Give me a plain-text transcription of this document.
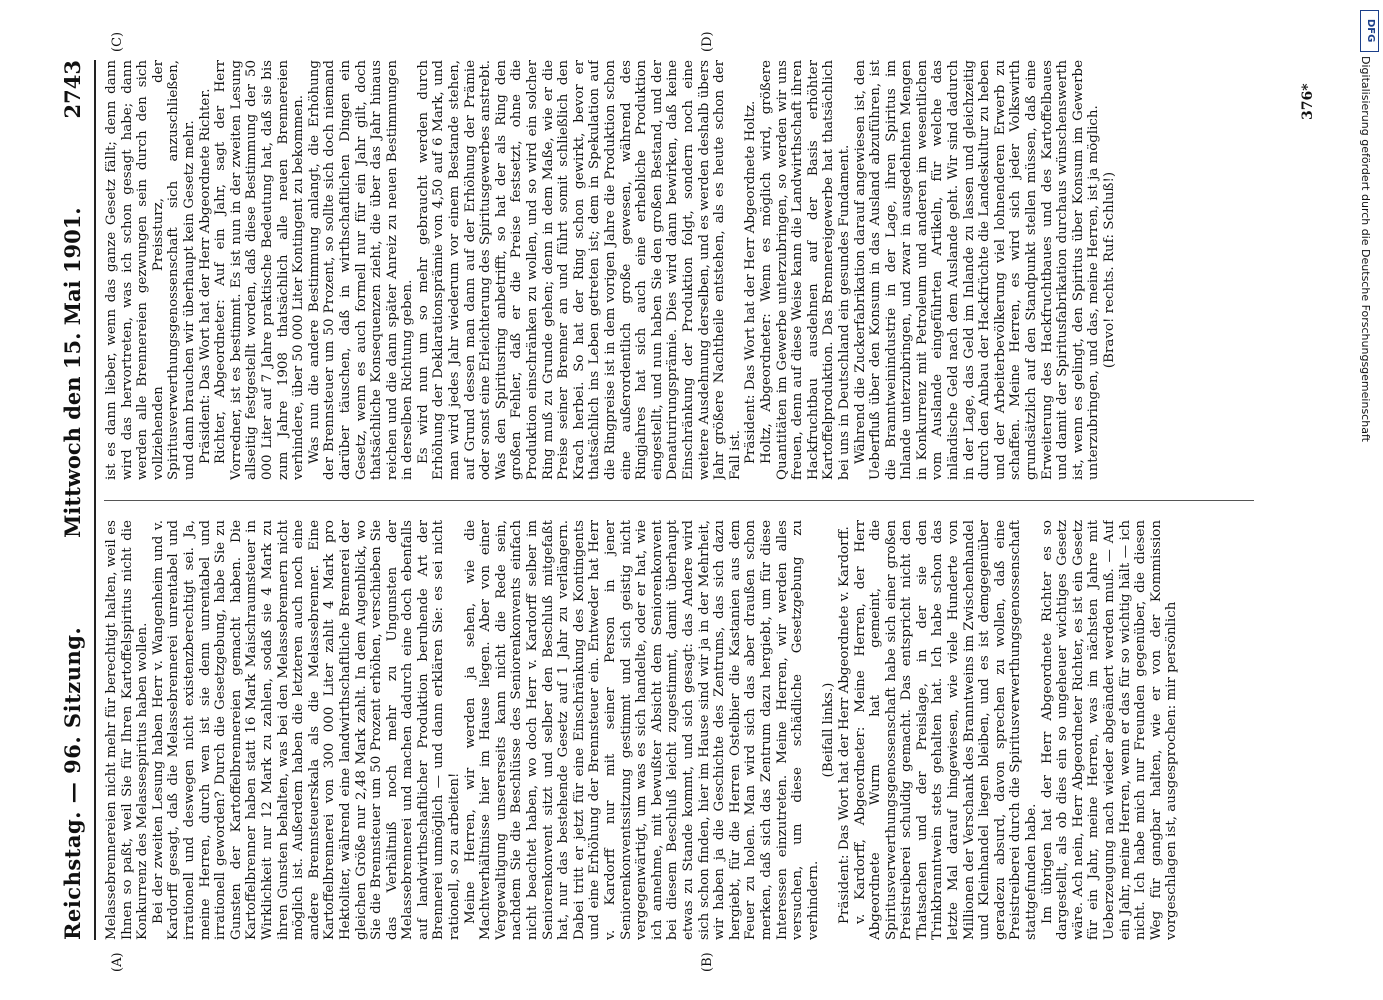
Reichstag. — 96. Sitzung.
Mittwoch den 15. Mai 1901.
2743

Melassebrennereien nicht mehr für berechtigt halten, weil es Ihnen so paßt, weil Sie für Ihren Kartoffelspiritus nicht die Konkurrenz des Melassespiritus haben wollen. Bei der zweiten Lesung haben Herr v. Wangenheim und v. Kardorff gesagt, daß die Melassebrennerei unrentabel und irrationell und deswegen nicht existenzberechtigt sei. Ja, meine Herren, durch wen ist sie denn unrentabel und irrationell geworden? Durch die Gesetzgebung, habe Sie zu Gunsten der Kartoffelbrennereien gemacht haben. Die Kartoffelbrenner haben statt 16 Mark Maischraumsteuer in Wirklichkeit nur 12 Mark zu zahlen, sodaß sie 4 Mark zu ihren Gunsten behalten, was bei den Melassebrennern nicht möglich ist. Außerdem haben die letzteren auch noch eine andere Brennsteuerskala als die Melassebrenner. Eine Kartoffelbrennerei von 300 000 Liter zahlt 4 Mark pro Hektoliter, während eine landwirthschaftliche Brennerei der gleichen Größe nur 2,48 Mark zahlt. In dem Augenblick, wo Sie die Brennsteuer um 50 Prozent erhöhen, verschieben Sie das Verhältniß noch mehr zu Ungunsten der Melassebrennerei und machen dadurch eine doch ebenfalls auf landwirthschaftlicher Produktion beruhende Art der Brennerei unmöglich — und dann erklären Sie: es sei nicht rationell, so zu arbeiten! Meine Herren, wir werden ja sehen, wie die Machtverhältnisse hier im Hause liegen. Aber von einer Vergewaltigung unsererseits kann nicht die Rede sein, nachdem Sie die Beschlüsse des Seniorenkonvents einfach nicht beachtet haben, wo doch Herr v. Kardorff selber im Seniorenkonvent sitzt und selber den Beschluß mitgefaßt hat, nur das bestehende Gesetz auf 1 Jahr zu verlängern. Dabei tritt er jetzt für eine Einschränkung des Kontingents und eine Erhöhung der Brennsteuer ein. Entweder hat Herr v. Kardorff nur mit seiner Person in jener Seniorenkonventssitzung gestimmt und sich geistig nicht vergegenwärtigt, um was es sich handelte, oder er hat, wie ich annehme, mit bewußter Absicht dem Seniorenkonvent bei diesem Beschluß leicht zugestimmt, damit überhaupt etwas zu Stande kommt, und sich gesagt: das Andere wird sich schon finden, hier im Hause sind wir ja in der Mehrheit, wir haben ja die Geschichte des Zentrums, das sich dazu hergiebt, für die Herren Ostelbier die Kastanien aus dem Feuer zu holen. Man wird sich das aber draußen schon merken, daß sich das Zentrum dazu hergiebt, um für diese Interessen einzutreten. Meine Herren, wir werden alles versuchen, um diese schädliche Gesetzgebung zu verhindern.

(Beifall links.) Präsident: Das Wort hat der Herr Abgeordnete v. Kardorff. v. Kardorff, Abgeordneter: Meine Herren, der Herr Abgeordnete Wurm hat gemeint, die Spiritusverwerthungsgenossenschaft habe sich einer großen Preistreiberei schuldig gemacht. Das entspricht nicht den Thatsachen und der Preislage, in der sie den Trinkbranntwein stets gehalten hat. Ich habe schon das letzte Mal darauf hingewiesen, wie viele Hunderte von Millionen der Verschank des Branntweins im Zwischenhandel und Kleinhandel liegen bleiben, und es ist demgegenüber geradezu absurd, davon sprechen zu wollen, daß eine Preistreiberei durch die Spiritusverwerthungsgenossenschaft stattgefunden habe. Im übrigen hat der Herr Abgeordnete Richter es so dargestellt, als ob dies ein so ungeheuer wichtiges Gesetz wäre. Ach nein, Herr Abgeordneter Richter, es ist ein Gesetz für ein Jahr, meine Herren, was im nächsten Jahre mit Ueberzeugung nach wieder abgeändert werden muß. — Auf ein Jahr, meine Herren, wenn er das für so wichtig hält — ich nicht. Ich habe mich nur Freunden gegenüber, die diesen Weg für gangbar halten, wie er von der Kommission vorgeschlagen ist, ausgesprochen: mir persönlich

ist es dann lieber, wenn das ganze Gesetz fällt; denn dann wird das hervortreten, was ich schon gesagt habe; dann werden alle Brennereien gezwungen sein durch den sich vollziehenden Preissturz, der Spiritusverwerthungsgenossenschaft sich anzuschließen, und dann brauchen wir überhaupt kein Gesetz mehr. Präsident: Das Wort hat der Herr Abgeordnete Richter. Richter, Abgeordneter: Auf ein Jahr, sagt der Herr Vorredner, ist es bestimmt. Es ist nun in der zweiten Lesung allseitig festgestellt worden, daß diese Bestimmung der 50 000 Liter auf 7 Jahre praktische Bedeutung hat, daß sie bis zum Jahre 1908 thatsächlich alle neuen Brennereien verhindere, über 50 000 Liter Kontingent zu bekommen. Was nun die andere Bestimmung anlangt, die Erhöhung der Brennsteuer um 50 Prozent, so sollte sich doch niemand darüber täuschen, daß in wirthschaftlichen Dingen ein Gesetz, wenn es auch formell nur für ein Jahr gilt, doch thatsächliche Konsequenzen zieht, die über das Jahr hinaus reichen und die dann später Anreiz zu neuen Bestimmungen in derselben Richtung geben. Es wird nun um so mehr gebraucht werden durch Erhöhung der Deklarationsprämie von 4,50 auf 6 Mark, und man wird jedes Jahr wiederum vor einem Bestande stehen, auf Grund dessen man dann auf der Erhöhung der Prämie oder sonst eine Erleichterung des Spiritusgewerbes anstrebt. Was den Spiritusring anbetrifft, so hat der als Ring den großen Fehler, daß er die Preise festsetzt, ohne die Produktion einschränken zu wollen, und so wird ein solcher Ring muß zu Grunde gehen; denn in dem Maße, wie er die Preise seiner Brenner an und führt somit schließlich den Krach herbei. So hat der Ring schon gewirkt, bevor er thatsächlich ins Leben getreten ist; dem in Spekulation auf die Ringpreise ist in dem vorigen Jahre die Produktion schon eine außerordentlich große gewesen, während des Ringjahres hat sich auch eine erhebliche Produktion eingestellt, und nun haben Sie den großen Bestand, und der Denaturirungsprämie. Dies wird dann bewirken, daß keine Einschränkung der Produktion folgt, sondern noch eine weitere Ausdehnung derselben, und es werden deshalb übers Jahr größere Nachtheile entstehen, als es heute schon der Fall ist. Präsident: Das Wort hat der Herr Abgeordnete Holtz. Holtz, Abgeordneter: Wenn es möglich wird, größere Quantitäten im Gewerbe unterzubringen, so werden wir uns freuen, denn auf diese Weise kann die Landwirthschaft ihren Hackfruchtbau ausdehnen auf der Basis erhöhter Kartoffelproduktion. Das Brennereigewerbe hat thatsächlich bei uns in Deutschland ein gesundes Fundament. Während die Zuckerfabrikation darauf angewiesen ist, den Ueberfluß über den Konsum in das Ausland abzuführen, ist die Branntweinindustrie in der Lage, ihren Spiritus im Inlande unterzubringen, und zwar in ausgedehnten Mengen in Konkurrenz mit Petroleum und anderen im wesentlichen vom Auslande eingeführten Artikeln, für welche das inländische Geld nach dem Auslande geht. Wir sind dadurch in der Lage, das Geld im Inlande zu lassen und gleichzeitig durch den Anbau der Hackfrüchte die Landeskultur zu heben und der Arbeiterbevölkerung viel lohnenderen Erwerb zu schaffen. Meine Herren, es wird sich jeder Volkswirth grundsätzlich auf den Standpunkt stellen müssen, daß eine Erweiterung des Hackfruchtbaues und des Kartoffelbaues und damit der Spiritusfabrikation durchaus wünschenswerth ist, wenn es gelingt, den Spiritus über Konsum im Gewerbe unterzubringen, und das, meine Herren, ist ja möglich. (Bravo! rechts. Ruf: Schluß!)

(A)	(B)
(C)	(D)
376*
DFG
Digitalisierung gefördert durch die Deutsche Forschungsgemeinschaft
